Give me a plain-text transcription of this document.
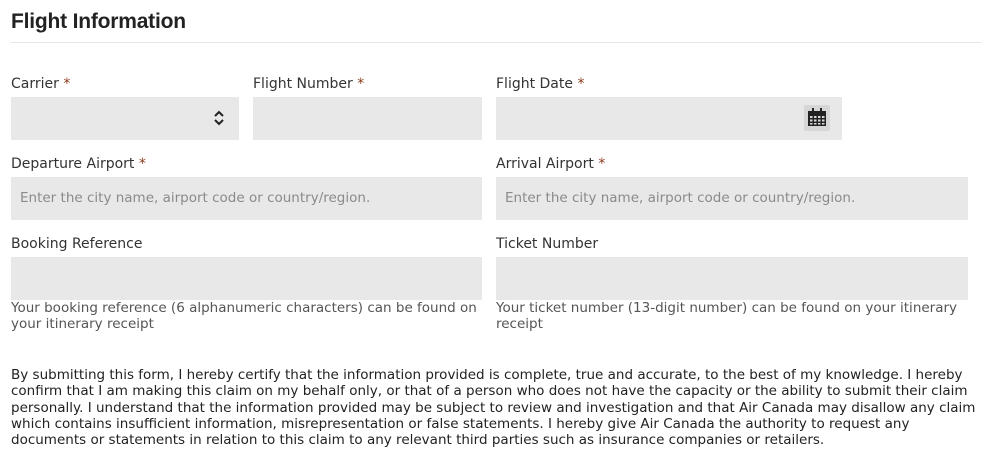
Flight Information
Carrier *	Flight Number *	Flight Date *
Departure Airport *
Enter the city name, airport code or country/region.
Arrival Airport *
Enter the city name, airport code or country/region.
Booking Reference
Your booking reference (6 alphanumeric characters) can be found on your itinerary receipt
Ticket Number
Your ticket number (13-digit number) can be found on your itinerary receipt
By submitting this form, I hereby certify that the information provided is complete, true and accurate, to the best of my knowledge. I hereby confirm that I am making this claim on my behalf only, or that of a person who does not have the capacity or the ability to submit their claim personally. I understand that the information provided may be subject to review and investigation and that Air Canada may disallow any claim which contains insufficient information, misrepresentation or false statements. I hereby give Air Canada the authority to request any documents or statements in relation to this claim to any relevant third parties such as insurance companies or retailers.
